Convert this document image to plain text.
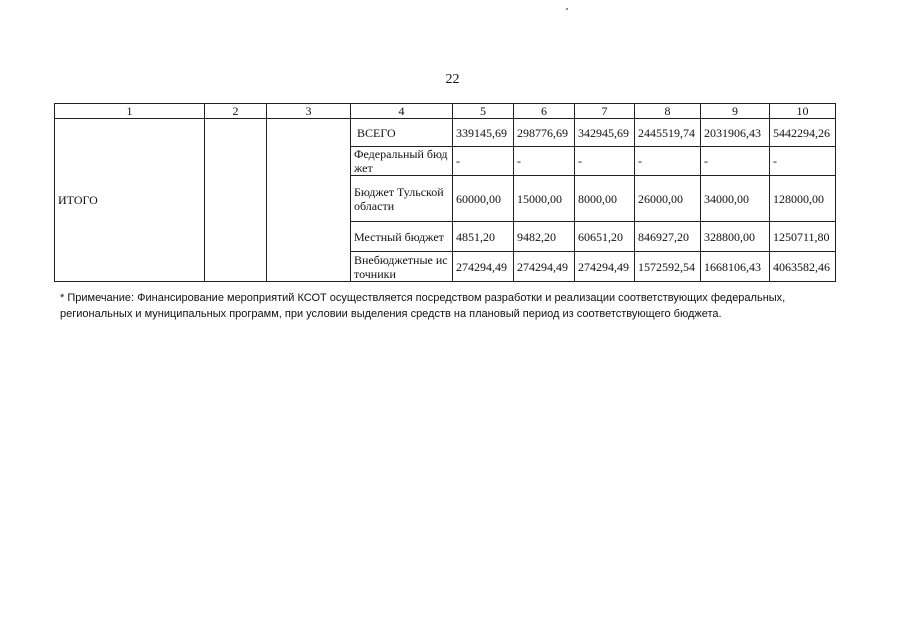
22
1	2	3	4	5	6	7	8	9	10
ИТОГО			ВСЕГО	339145,69	298776,69	342945,69	2445519,74	2031906,43	5442294,26
			Федеральный бюджет	-	-	-	-	-	-
			Бюджет Тульской области	60000,00	15000,00	8000,00	26000,00	34000,00	128000,00
			Местный бюджет	4851,20	9482,20	60651,20	846927,20	328800,00	1250711,80
			Внебюджетные источники	274294,49	274294,49	274294,49	1572592,54	1668106,43	4063582,46
* Примечание: Финансирование мероприятий КСОТ осуществляется посредством разработки и реализации соответствующих федеральных, региональных и муниципальных программ, при условии выделения средств на плановый период из соответствующего бюджета.
